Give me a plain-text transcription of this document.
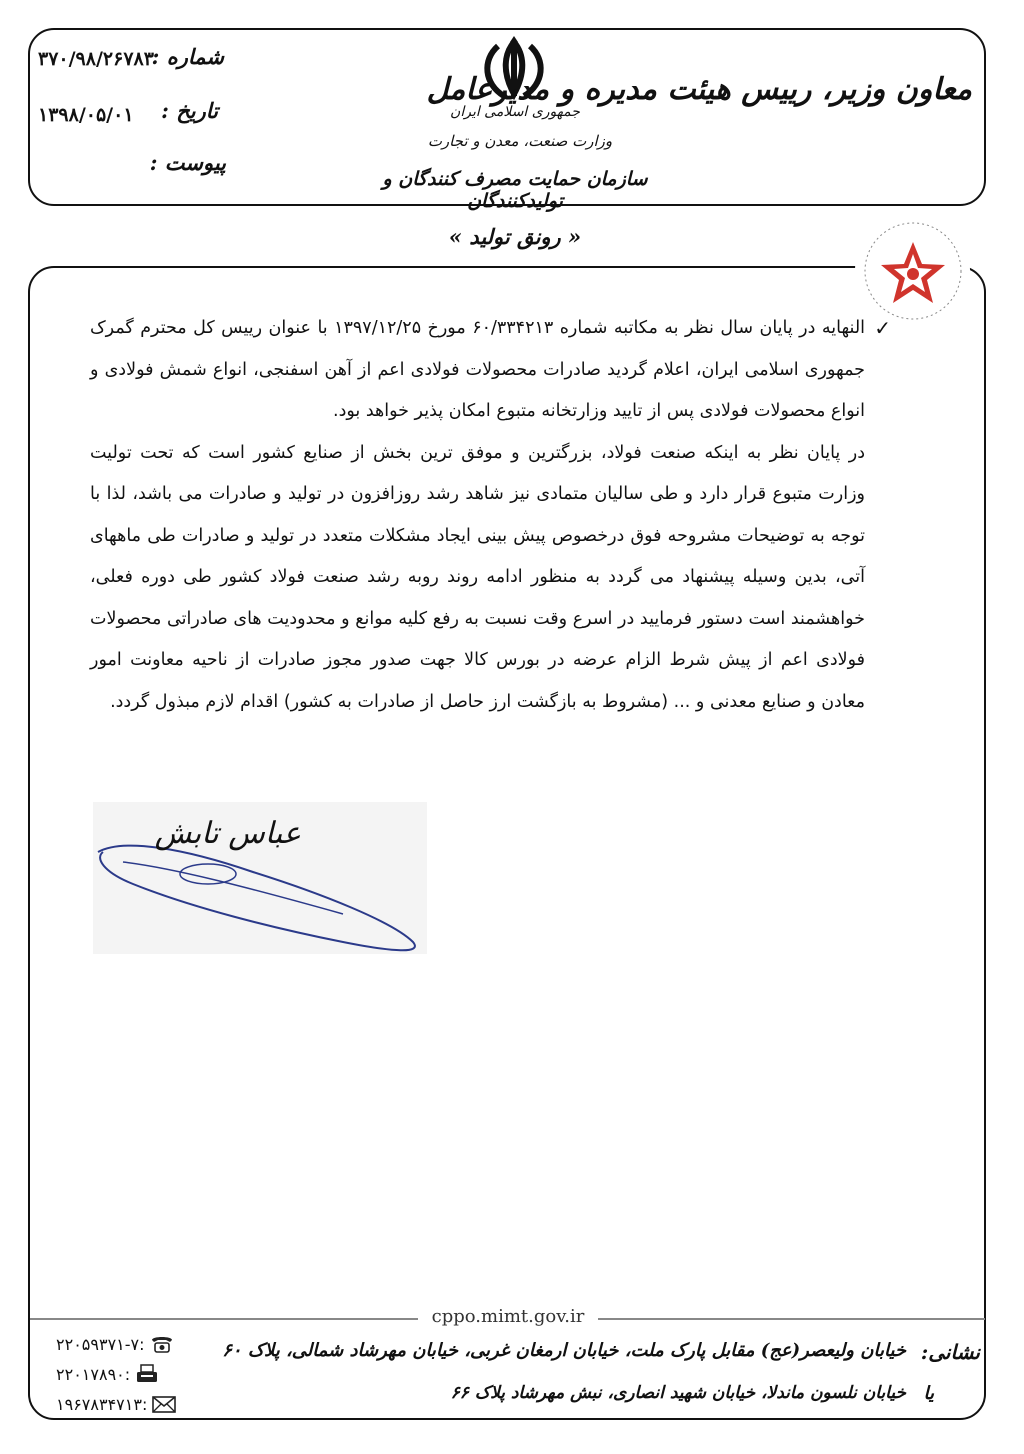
شماره :
۳۷۰/۹۸/۲۶۷۸۳
تاریخ :
۱۳۹۸/۰۵/۰۱
پیوست :
جمهوری اسلامی ایران
وزارت صنعت، معدن و تجارت
سازمان حمایت مصرف کنندگان و تولیدکنندگان
معاون وزیر، رییس هیئت مدیره و مدیرعامل
« رونق تولید »
✓

النهایه در پایان سال نظر به مکاتبه شماره ۶۰/۳۳۴۲۱۳ مورخ ۱۳۹۷/۱۲/۲۵ با عنوان رییس کل محترم گمرک جمهوری اسلامی ایران، اعلام گردید صادرات محصولات فولادی اعم از آهن اسفنجی، انواع شمش فولادی و انواع محصولات فولادی پس از تایید وزارتخانه متبوع امکان پذیر خواهد بود.

در پایان نظر به اینکه صنعت فولاد، بزرگترین و موفق ترین بخش از صنایع کشور است که تحت تولیت وزارت متبوع قرار دارد و طی سالیان متمادی نیز شاهد رشد روزافزون در تولید و صادرات می باشد، لذا با توجه به توضیحات مشروحه فوق درخصوص پیش بینی ایجاد مشکلات متعدد در تولید و صادرات طی ماههای آتی، بدین وسیله پیشنهاد می گردد به منظور ادامه روند روبه رشد صنعت فولاد کشور طی دوره فعلی، خواهشمند است دستور فرمایید در اسرع وقت نسبت به رفع کلیه موانع و محدودیت های صادراتی محصولات فولادی اعم از پیش شرط الزام عرضه در بورس کالا جهت صدور مجوز صادرات از ناحیه معاونت امور معادن و صنایع معدنی و ... (مشروط به بازگشت ارز حاصل از صادرات به کشور) اقدام لازم مبذول گردد.

عباس تابش
cppo.mimt.gov.ir
نشانی:
خیابان ولیعصر(عج) مقابل پارک ملت، خیابان ارمغان غربی، خیابان مهرشاد شمالی، پلاک ۶۰
یا
خیابان نلسون ماندلا، خیابان شهید انصاری، نبش مهرشاد پلاک ۶۶
۲۲۰۵۹۳۷۱-۷:
۲۲۰۱۷۸۹۰:
۱۹۶۷۸۳۴۷۱۳:
